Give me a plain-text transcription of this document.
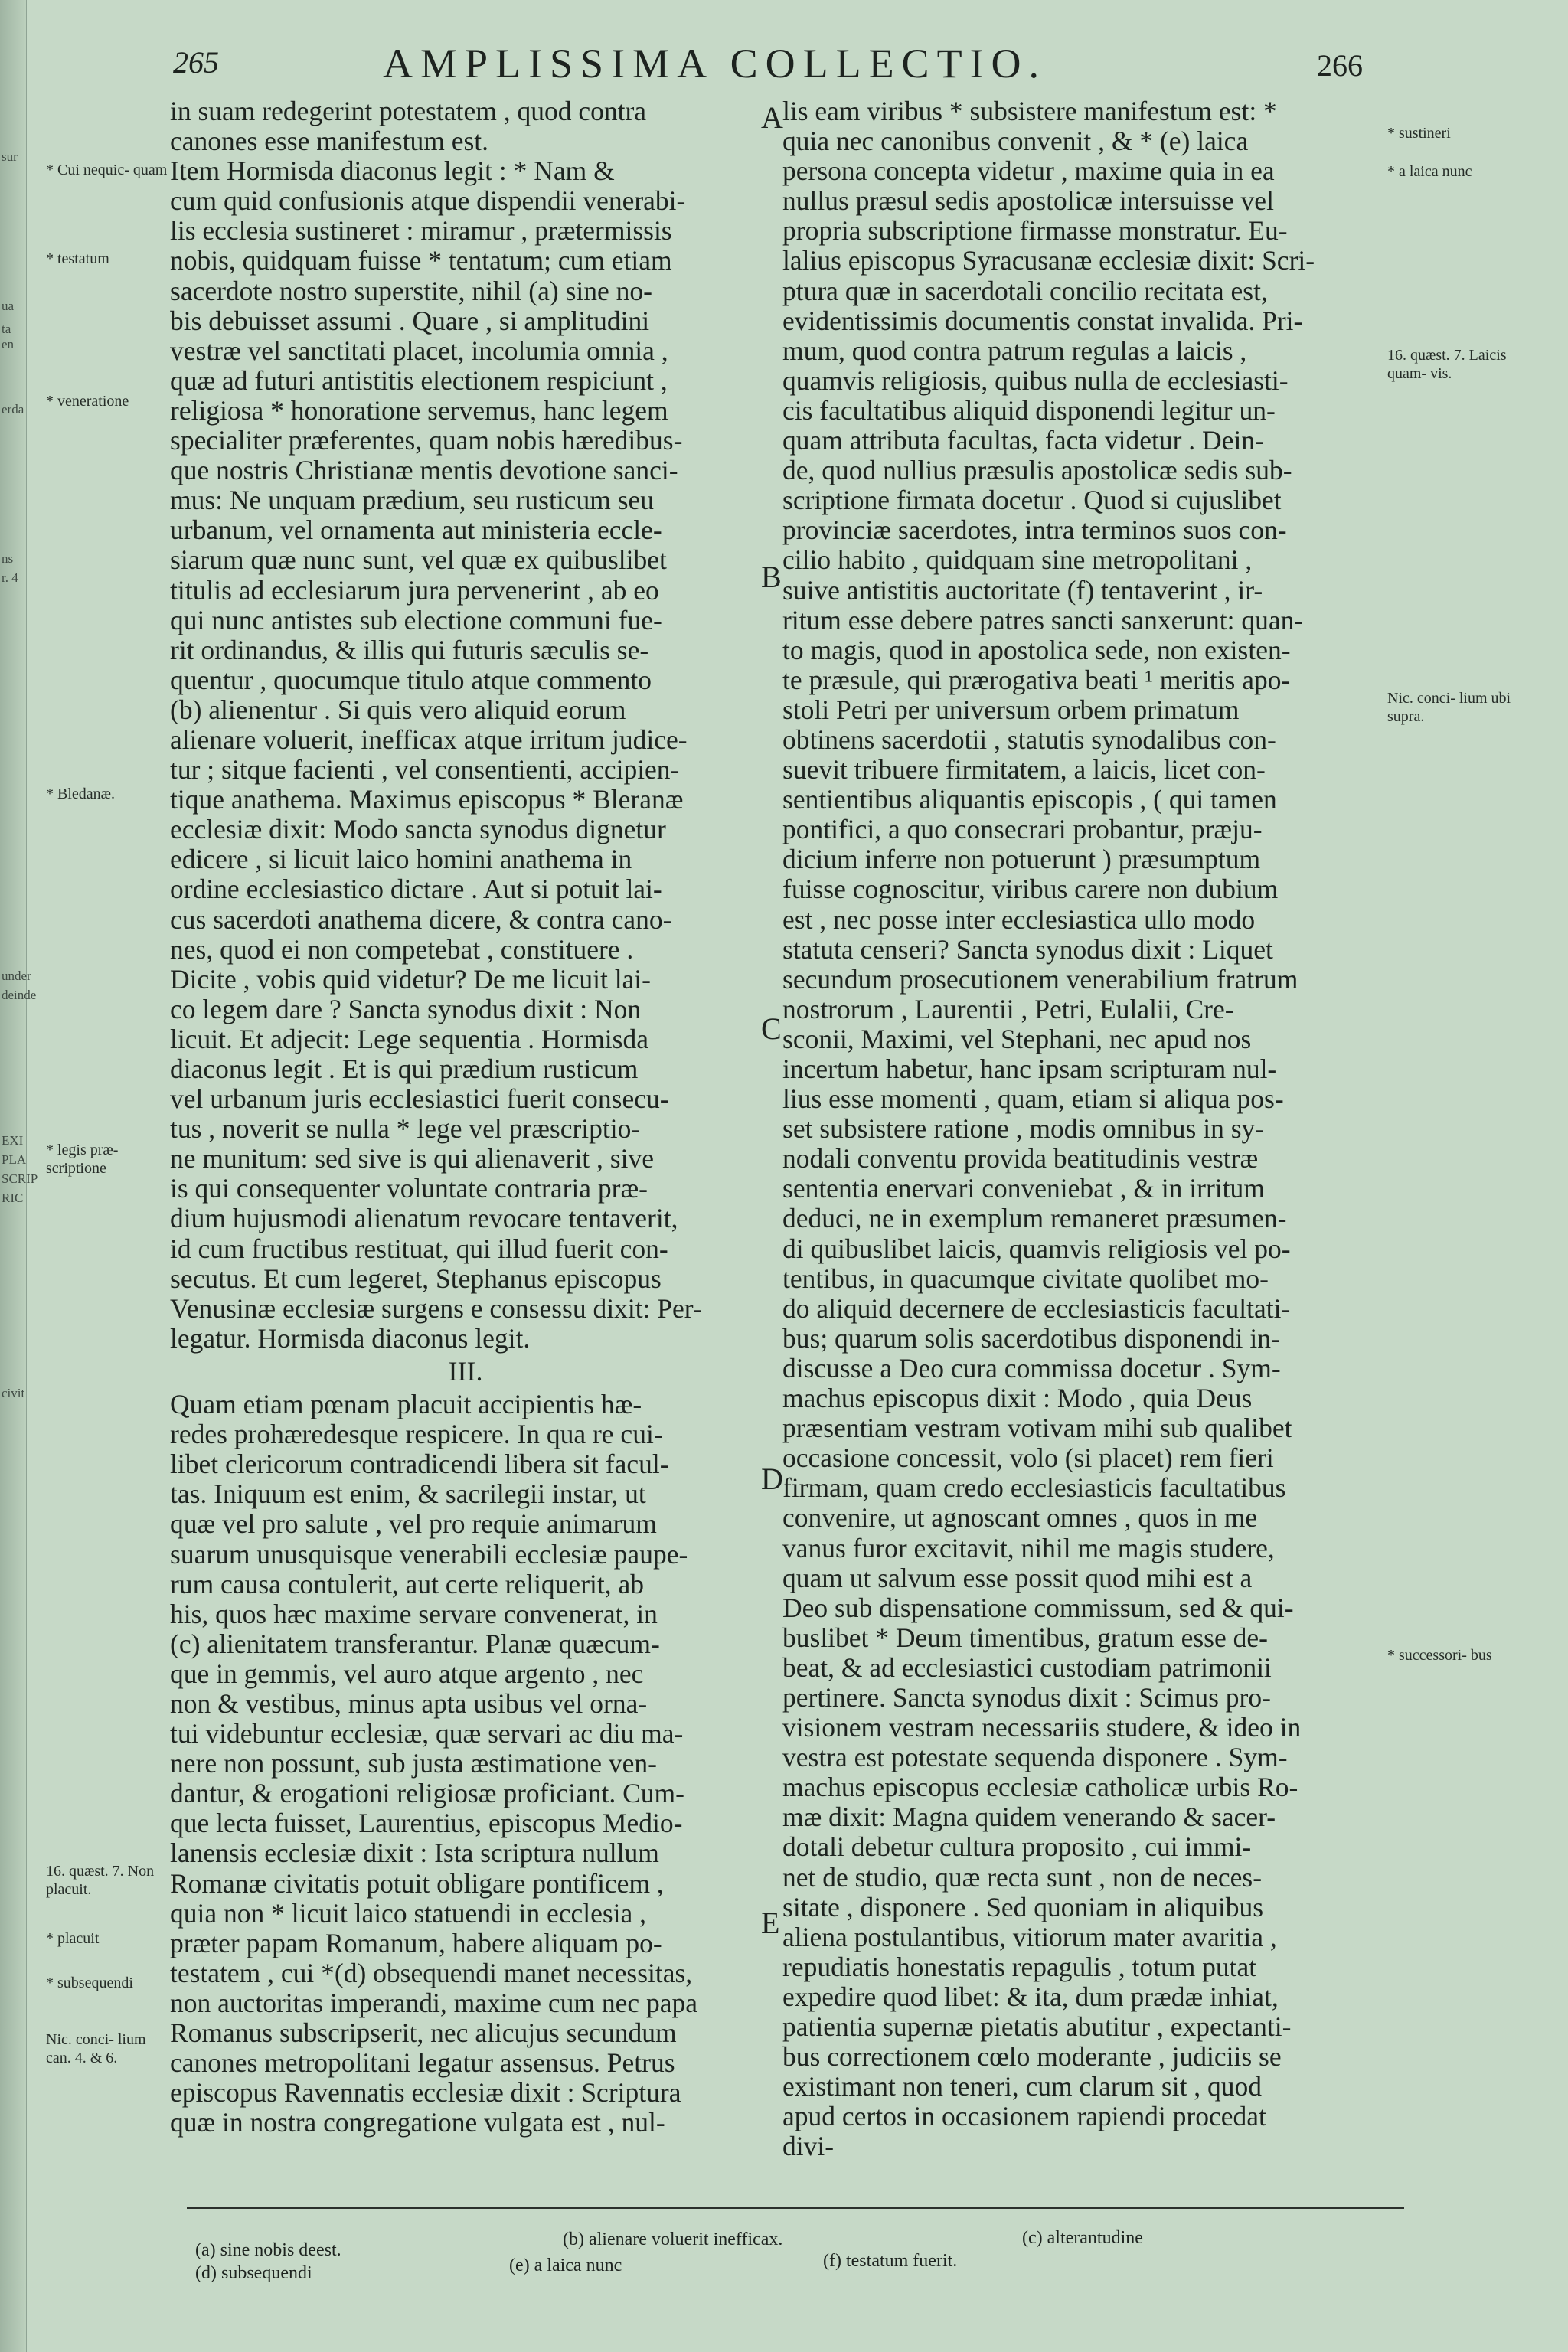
sur
ua
ta
en
erda
ns
r. 4
under
deinde
EXI
PLA
SCRIP
RIC
civit
265	AMPLISSIMA COLLECTIO.	266
in suam redegerint potestatem , quod contra
canones esse manifestum est.
Item Hormisda diaconus legit : * Nam &
cum quid confusionis atque dispendii venerabi-
lis ecclesia sustineret : miramur , prætermissis
nobis, quidquam fuisse * tentatum; cum etiam
sacerdote nostro superstite, nihil (a) sine no-
bis debuisset assumi . Quare , si amplitudini
vestræ vel sanctitati placet, incolumia omnia ,
quæ ad futuri antistitis electionem respiciunt ,
religiosa * honoratione servemus, hanc legem
specialiter præferentes, quam nobis hæredibus-
que nostris Christianæ mentis devotione sanci-
mus: Ne unquam prædium, seu rusticum seu
urbanum, vel ornamenta aut ministeria eccle-
siarum quæ nunc sunt, vel quæ ex quibuslibet
titulis ad ecclesiarum jura pervenerint , ab eo
qui nunc antistes sub electione communi fue-
rit ordinandus, & illis qui futuris sæculis se-
quentur , quocumque titulo atque commento
(b) alienentur . Si quis vero aliquid eorum
alienare voluerit, inefficax atque irritum judice-
tur ; sitque facienti , vel consentienti, accipien-
tique anathema. Maximus episcopus * Bleranæ
ecclesiæ dixit: Modo sancta synodus dignetur
edicere , si licuit laico homini anathema in
ordine ecclesiastico dictare . Aut si potuit lai-
cus sacerdoti anathema dicere, & contra cano-
nes, quod ei non competebat , constituere .
Dicite , vobis quid videtur? De me licuit lai-
co legem dare ? Sancta synodus dixit : Non
licuit. Et adjecit: Lege sequentia . Hormisda
diaconus legit . Et is qui prædium rusticum
vel urbanum juris ecclesiastici fuerit consecu-
tus , noverit se nulla * lege vel præscriptio-
ne munitum: sed sive is qui alienaverit , sive
is qui consequenter voluntate contraria præ-
dium hujusmodi alienatum revocare tentaverit,
id cum fructibus restituat, qui illud fuerit con-
secutus. Et cum legeret, Stephanus episcopus
Venusinæ ecclesiæ surgens e consessu dixit: Per-
legatur. Hormisda diaconus legit.
III.
Quam etiam pœnam placuit accipientis hæ-
redes prohæredesque respicere. In qua re cui-
libet clericorum contradicendi libera sit facul-
tas. Iniquum est enim, & sacrilegii instar, ut
quæ vel pro salute , vel pro requie animarum
suarum unusquisque venerabili ecclesiæ paupe-
rum causa contulerit, aut certe reliquerit, ab
his, quos hæc maxime servare convenerat, in
(c) alienitatem transferantur. Planæ quæcum-
que in gemmis, vel auro atque argento , nec
non & vestibus, minus apta usibus vel orna-
tui videbuntur ecclesiæ, quæ servari ac diu ma-
nere non possunt, sub justa æstimatione ven-
dantur, & erogationi religiosæ proficiant. Cum-
que lecta fuisset, Laurentius, episcopus Medio-
lanensis ecclesiæ dixit : Ista scriptura nullum
Romanæ civitatis potuit obligare pontificem ,
quia non * licuit laico statuendi in ecclesia ,
præter papam Romanum, habere aliquam po-
testatem , cui *(d) obsequendi manet necessitas,
non auctoritas imperandi, maxime cum nec papa
Romanus subscripserit, nec alicujus secundum
canones metropolitani legatur assensus. Petrus
episcopus Ravennatis ecclesiæ dixit : Scriptura
quæ in nostra congregatione vulgata est , nul-
lis eam viribus * subsistere manifestum est: *
quia nec canonibus convenit , & * (e) laica
persona concepta videtur , maxime quia in ea
nullus præsul sedis apostolicæ intersuisse vel
propria subscriptione firmasse monstratur. Eu-
lalius episcopus Syracusanæ ecclesiæ dixit: Scri-
ptura quæ in sacerdotali concilio recitata est,
evidentissimis documentis constat invalida. Pri-
mum, quod contra patrum regulas a laicis ,
quamvis religiosis, quibus nulla de ecclesiasti-
cis facultatibus aliquid disponendi legitur un-
quam attributa facultas, facta videtur . Dein-
de, quod nullius præsulis apostolicæ sedis sub-
scriptione firmata docetur . Quod si cujuslibet
provinciæ sacerdotes, intra terminos suos con-
cilio habito , quidquam sine metropolitani ,
suive antistitis auctoritate (f) tentaverint , ir-
ritum esse debere patres sancti sanxerunt: quan-
to magis, quod in apostolica sede, non existen-
te præsule, qui prærogativa beati ¹ meritis apo-
stoli Petri per universum orbem primatum
obtinens sacerdotii , statutis synodalibus con-
suevit tribuere firmitatem, a laicis, licet con-
sentientibus aliquantis episcopis , ( qui tamen
pontifici, a quo consecrari probantur, præju-
dicium inferre non potuerunt ) præsumptum
fuisse cognoscitur, viribus carere non dubium
est , nec posse inter ecclesiastica ullo modo
statuta censeri? Sancta synodus dixit : Liquet
secundum prosecutionem venerabilium fratrum
nostrorum , Laurentii , Petri, Eulalii, Cre-
sconii, Maximi, vel Stephani, nec apud nos
incertum habetur, hanc ipsam scripturam nul-
lius esse momenti , quam, etiam si aliqua pos-
set subsistere ratione , modis omnibus in sy-
nodali conventu provida beatitudinis vestræ
sententia enervari conveniebat , & in irritum
deduci, ne in exemplum remaneret præsumen-
di quibuslibet laicis, quamvis religiosis vel po-
tentibus, in quacumque civitate quolibet mo-
do aliquid decernere de ecclesiasticis facultati-
bus; quarum solis sacerdotibus disponendi in-
discusse a Deo cura commissa docetur . Sym-
machus episcopus dixit : Modo , quia Deus
præsentiam vestram votivam mihi sub qualibet
occasione concessit, volo (si placet) rem fieri
firmam, quam credo ecclesiasticis facultatibus
convenire, ut agnoscant omnes , quos in me
vanus furor excitavit, nihil me magis studere,
quam ut salvum esse possit quod mihi est a
Deo sub dispensatione commissum, sed & qui-
buslibet * Deum timentibus, gratum esse de-
beat, & ad ecclesiastici custodiam patrimonii
pertinere. Sancta synodus dixit : Scimus pro-
visionem vestram necessariis studere, & ideo in
vestra est potestate sequenda disponere . Sym-
machus episcopus ecclesiæ catholicæ urbis Ro-
mæ dixit: Magna quidem venerando & sacer-
dotali debetur cultura proposito , cui immi-
net de studio, quæ recta sunt , non de neces-
sitate , disponere . Sed quoniam in aliquibus
aliena postulantibus, vitiorum mater avaritia ,
repudiatis honestatis repagulis , totum putat
expedire quod libet: & ita, dum prædæ inhiat,
patientia supernæ pietatis abutitur , expectanti-
bus correctionem cœlo moderante , judiciis se
existimant non teneri, cum clarum sit , quod
apud certos in occasionem rapiendi procedat
divi-
A
B
C
D
E
* Cui nequic- quam
* testatum
* veneratione
* Bledanæ.
* legis præ- scriptione
16. quæst. 7. Non placuit.
* placuit
* subsequendi
Nic. conci- lium can. 4. & 6.
* sustineri
* a laica nunc
16. quæst. 7. Laicis quam- vis.
Nic. conci- lium ubi supra.
* successori- bus
(a) sine nobis deest.
(b) alienare voluerit inefficax.	(c) alterantudine
(d) subsequendi	(e) a laica nunc	(f) testatum fuerit.
